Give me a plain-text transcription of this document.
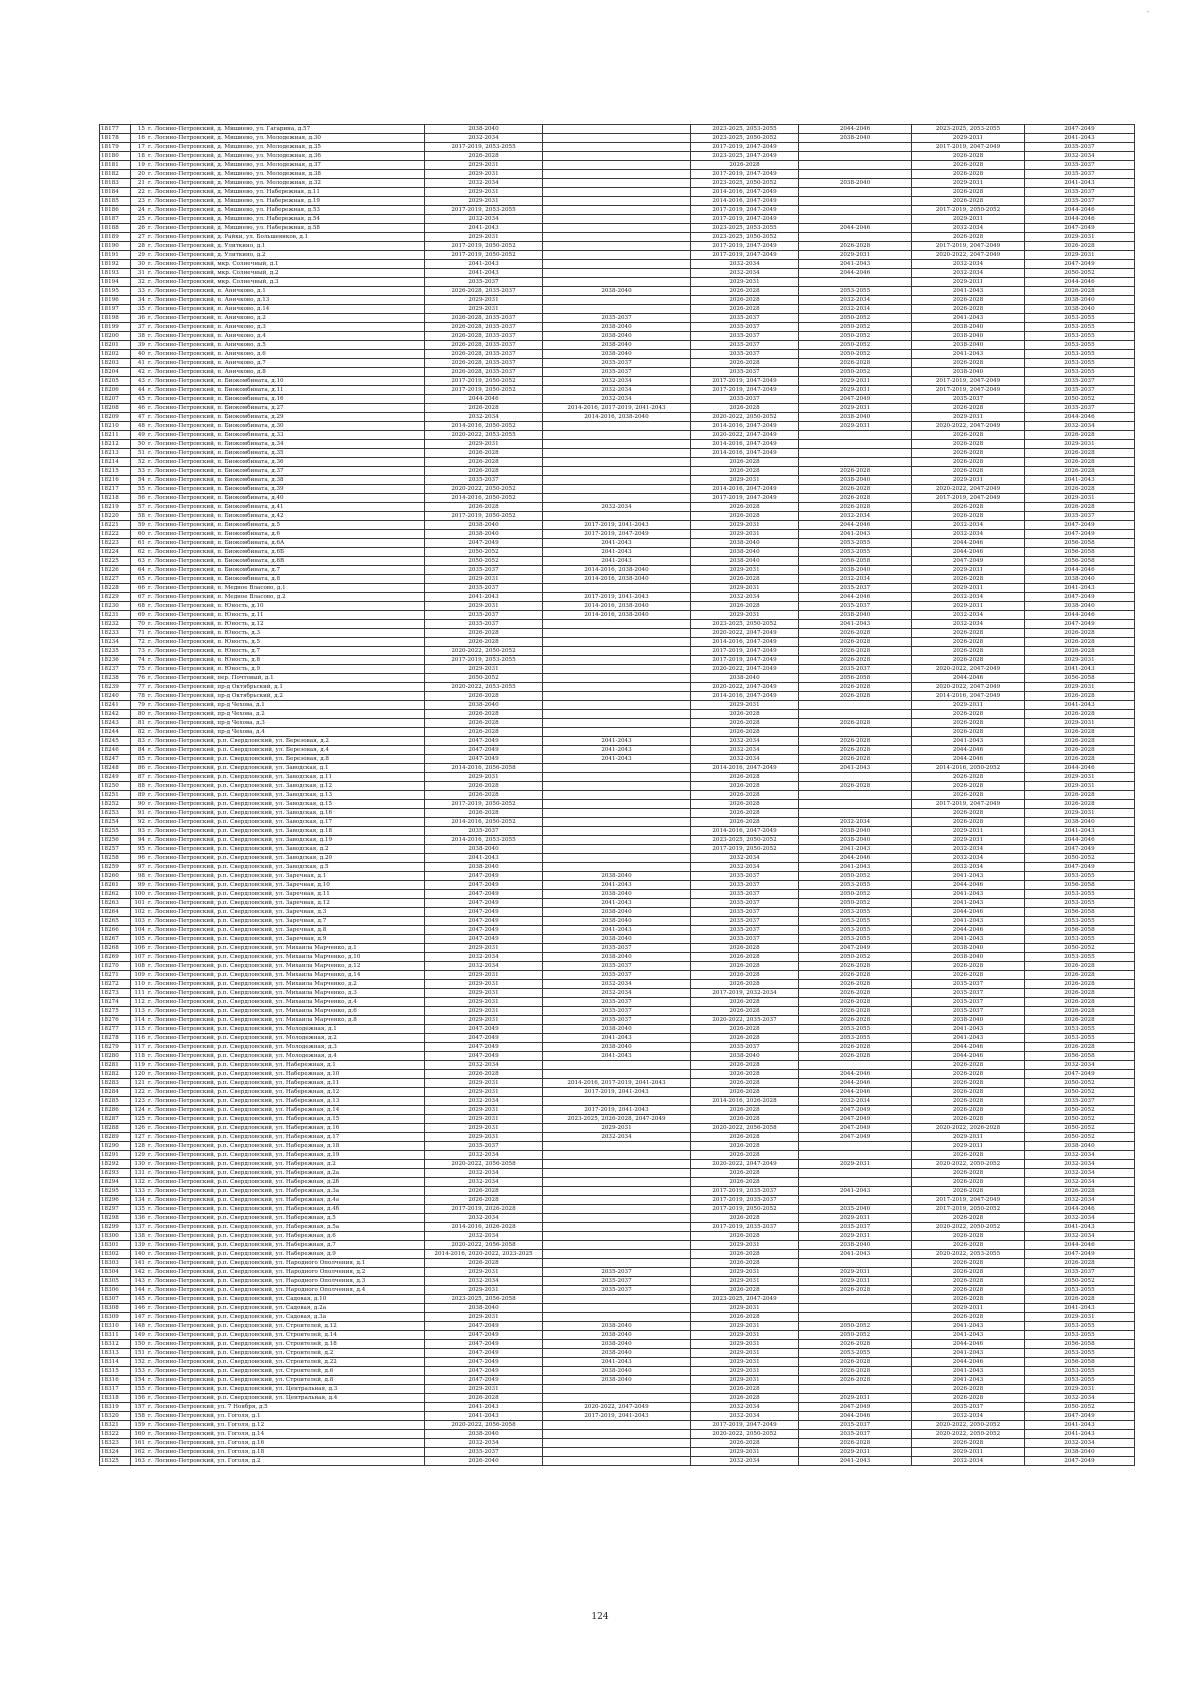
-
18177	15 г. Лосино-Петровский, д. Мишнево, ул. Гагарина, д.57	2038-2040		2023-2025, 2053-2055	2044-2046	2023-2025, 2053-2055	2047-2049
18178	16 г. Лосино-Петровский, д. Мишнево, ул. Молодежная, д.30	2032-2034		2023-2025, 2050-2052	2038-2040	2029-2031	2041-2043
18179	17 г. Лосино-Петровский, д. Мишнево, ул. Молодежная, д.35	2017-2019, 2053-2055		2017-2019, 2047-2049		2017-2019, 2047-2049	2035-2037
18180	18 г. Лосино-Петровский, д. Мишнево, ул. Молодежная, д.36	2026-2028		2023-2025, 2047-2049		2026-2028	2032-2034
18181	19 г. Лосино-Петровский, д. Мишнево, ул. Молодежная, д.37	2029-2031		2026-2028		2026-2028	2035-2037
18182	20 г. Лосино-Петровский, д. Мишнево, ул. Молодежная, д.38	2029-2031		2017-2019, 2047-2049		2026-2028	2035-2037
18183	21 г. Лосино-Петровский, д. Мишнево, ул. Молодежная, д.32	2032-2034		2023-2025, 2050-2052	2038-2040	2029-2031	2041-2043
18184	22 г. Лосино-Петровский, д. Мишнево, ул. Набережная, д.11	2029-2031		2014-2016, 2047-2049		2026-2028	2035-2037
18185	23 г. Лосино-Петровский, д. Мишнево, ул. Набережная, д.19	2029-2031		2014-2016, 2047-2049		2026-2028	2035-2037
18186	24 г. Лосино-Петровский, д. Мишнево, ул. Набережная, д.53	2017-2019, 2053-2055		2017-2019, 2047-2049		2017-2019, 2050-2052	2044-2046
18187	25 г. Лосино-Петровский, д. Мишнево, ул. Набережная, д.54	2032-2034		2017-2019, 2047-2049		2029-2031	2044-2046
18188	26 г. Лосино-Петровский, д. Мишнево, ул. Набережная, д.58	2041-2043		2023-2025, 2053-2055	2044-2046	2032-2034	2047-2049
18189	27 г. Лосино-Петровский, д. Райки, ул. Большевиков, д.1	2029-2031		2023-2025, 2050-2052		2026-2028	2029-2031
18190	28 г. Лосино-Петровский, д. Улиткино, д.1	2017-2019, 2050-2052		2017-2019, 2047-2049	2026-2028	2017-2019, 2047-2049	2026-2028
18191	29 г. Лосино-Петровский, д. Улиткино, д.2	2017-2019, 2050-2052		2017-2019, 2047-2049	2029-2031	2020-2022, 2047-2049	2029-2031
18192	30 г. Лосино-Петровский, мкр. Солнечный, д.1	2041-2043		2032-2034	2041-2043	2032-2034	2047-2049
18193	31 г. Лосино-Петровский, мкр. Солнечный, д.2	2041-2043		2032-2034	2044-2046	2032-2034	2050-2052
18194	32 г. Лосино-Петровский, мкр. Солнечный, д.3	2035-2037		2029-2031		2029-2031	2044-2046
18195	33 г. Лосино-Петровский, п. Аничково, д.1	2026-2028, 2035-2037	2038-2040	2026-2028	2053-2055	2041-2043	2026-2028
18196	34 г. Лосино-Петровский, п. Аничково, д.13	2029-2031		2026-2028	2032-2034	2026-2028	2038-2040
18197	35 г. Лосино-Петровский, п. Аничково, д.14	2029-2031		2026-2028	2032-2034	2026-2028	2038-2040
18198	36 г. Лосино-Петровский, п. Аничково, д.2	2026-2028, 2035-2037	2035-2037	2035-2037	2050-2052	2041-2043	2053-2055
18199	37 г. Лосино-Петровский, п. Аничково, д.3	2026-2028, 2035-2037	2038-2040	2035-2037	2050-2052	2038-2040	2053-2055
18200	38 г. Лосино-Петровский, п. Аничково, д.4	2026-2028, 2035-2037	2038-2040	2035-2037	2050-2052	2038-2040	2053-2055
18201	39 г. Лосино-Петровский, п. Аничково, д.5	2026-2028, 2035-2037	2038-2040	2035-2037	2050-2052	2038-2040	2053-2055
18202	40 г. Лосино-Петровский, п. Аничково, д.6	2026-2028, 2035-2037	2038-2040	2035-2037	2050-2052	2041-2043	2053-2055
18203	41 г. Лосино-Петровский, п. Аничково, д.7	2026-2028, 2035-2037	2035-2037	2026-2028	2026-2028	2026-2028	2053-2055
18204	42 г. Лосино-Петровский, п. Аничково, д.8	2026-2028, 2035-2037	2035-2037	2035-2037	2050-2052	2038-2040	2053-2055
18205	43 г. Лосино-Петровский, п. Биокомбината, д.10	2017-2019, 2050-2052	2032-2034	2017-2019, 2047-2049	2029-2031	2017-2019, 2047-2049	2035-2037
18206	44 г. Лосино-Петровский, п. Биокомбината, д.11	2017-2019, 2050-2052	2032-2034	2017-2019, 2047-2049	2029-2031	2017-2019, 2047-2049	2035-2037
18207	45 г. Лосино-Петровский, п. Биокомбината, д.16	2044-2046	2032-2034	2035-2037	2047-2049	2035-2037	2050-2052
18208	46 г. Лосино-Петровский, п. Биокомбината, д.27	2026-2028	2014-2016, 2017-2019, 2041-2043	2026-2028	2029-2031	2026-2028	2035-2037
18209	47 г. Лосино-Петровский, п. Биокомбината, д.29	2032-2034	2014-2016, 2038-2040	2020-2022, 2050-2052	2038-2040	2029-2031	2044-2046
18210	48 г. Лосино-Петровский, п. Биокомбината, д.30	2014-2016, 2050-2052		2014-2016, 2047-2049	2029-2031	2020-2022, 2047-2049	2032-2034
18211	49 г. Лосино-Петровский, п. Биокомбината, д.33	2020-2022, 2053-2055		2020-2022, 2047-2049		2026-2028	2026-2028
18212	50 г. Лосино-Петровский, п. Биокомбината, д.34	2029-2031		2014-2016, 2047-2049		2026-2028	2029-2031
18213	51 г. Лосино-Петровский, п. Биокомбината, д.35	2026-2028		2014-2016, 2047-2049		2026-2028	2026-2028
18214	52 г. Лосино-Петровский, п. Биокомбината, д.36	2026-2028		2026-2028		2026-2028	2026-2028
18215	53 г. Лосино-Петровский, п. Биокомбината, д.37	2026-2028		2026-2028	2026-2028	2026-2028	2026-2028
18216	54 г. Лосино-Петровский, п. Биокомбината, д.38	2035-2037		2029-2031	2038-2040	2029-2031	2041-2043
18217	55 г. Лосино-Петровский, п. Биокомбината, д.39	2020-2022, 2050-2052		2014-2016, 2047-2049	2026-2028	2020-2022, 2047-2049	2026-2028
18218	56 г. Лосино-Петровский, п. Биокомбината, д.40	2014-2016, 2050-2052		2017-2019, 2047-2049	2026-2028	2017-2019, 2047-2049	2029-2031
18219	57 г. Лосино-Петровский, п. Биокомбината, д.41	2026-2028	2032-2034	2026-2028	2026-2028	2026-2028	2026-2028
18220	58 г. Лосино-Петровский, п. Биокомбината, д.42	2017-2019, 2050-2052		2026-2028	2032-2034	2026-2028	2035-2037
18221	59 г. Лосино-Петровский, п. Биокомбината, д.5	2038-2040	2017-2019, 2041-2043	2029-2031	2044-2046	2032-2034	2047-2049
18222	60 г. Лосино-Петровский, п. Биокомбината, д.6	2038-2040	2017-2019, 2047-2049	2029-2031	2041-2043	2032-2034	2047-2049
18223	61 г. Лосино-Петровский, п. Биокомбината, д.6А	2047-2049	2041-2043	2038-2040	2053-2055	2044-2046	2056-2058
18224	62 г. Лосино-Петровский, п. Биокомбината, д.6Б	2050-2052	2041-2043	2038-2040	2053-2055	2044-2046	2056-2058
18225	63 г. Лосино-Петровский, п. Биокомбината, д.6В	2050-2052	2041-2043	2038-2040	2056-2058	2047-2049	2056-2058
18226	64 г. Лосино-Петровский, п. Биокомбината, д.7	2035-2037	2014-2016, 2038-2040	2029-2031	2038-2040	2029-2031	2044-2046
18227	65 г. Лосино-Петровский, п. Биокомбината, д.8	2029-2031	2014-2016, 2038-2040	2026-2028	2032-2034	2026-2028	2038-2040
18228	66 г. Лосино-Петровский, п. Медное Власово, д.1	2035-2037		2029-2031	2035-2037	2029-2031	2041-2043
18229	67 г. Лосино-Петровский, п. Медное Власово, д.2	2041-2043	2017-2019, 2041-2043	2032-2034	2044-2046	2032-2034	2047-2049
18230	68 г. Лосино-Петровский, п. Юность, д.10	2029-2031	2014-2016, 2038-2040	2026-2028	2035-2037	2029-2031	2038-2040
18231	69 г. Лосино-Петровский, п. Юность, д.11	2035-2037	2014-2016, 2038-2040	2029-2031	2038-2040	2032-2034	2044-2046
18232	70 г. Лосино-Петровский, п. Юность, д.12	2035-2037		2023-2025, 2050-2052	2041-2043	2032-2034	2047-2049
18233	71 г. Лосино-Петровский, п. Юность, д.3	2026-2028		2020-2022, 2047-2049	2026-2028	2026-2028	2026-2028
18234	72 г. Лосино-Петровский, п. Юность, д.5	2026-2028		2014-2016, 2047-2049	2026-2028	2026-2028	2026-2028
18235	73 г. Лосино-Петровский, п. Юность, д.7	2020-2022, 2050-2052		2017-2019, 2047-2049	2026-2028	2026-2028	2026-2028
18236	74 г. Лосино-Петровский, п. Юность, д.8	2017-2019, 2053-2055		2017-2019, 2047-2049	2026-2028	2026-2028	2029-2031
18237	75 г. Лосино-Петровский, п. Юность, д.9	2029-2031		2020-2022, 2047-2049	2035-2037	2020-2022, 2047-2049	2041-2043
18238	76 г. Лосино-Петровский, пер. Почтовый, д.1	2050-2052		2038-2040	2056-2058	2044-2046	2056-2058
18239	77 г. Лосино-Петровский, пр-д Октябрьский, д.1	2020-2022, 2053-2055		2020-2022, 2047-2049	2026-2028	2020-2022, 2047-2049	2029-2031
18240	78 г. Лосино-Петровский, пр-д Октябрьский, д.2	2026-2028		2014-2016, 2047-2049	2026-2028	2014-2016, 2047-2049	2026-2028
18241	79 г. Лосино-Петровский, пр-д Чехова, д.1	2038-2040		2029-2031		2029-2031	2041-2043
18242	80 г. Лосино-Петровский, пр-д Чехова, д.2	2026-2028		2026-2028		2026-2028	2026-2028
18243	81 г. Лосино-Петровский, пр-д Чехова, д.3	2026-2028		2026-2028	2026-2028	2026-2028	2029-2031
18244	82 г. Лосино-Петровский, пр-д Чехова, д.4	2026-2028		2026-2028		2026-2028	2026-2028
18245	83 г. Лосино-Петровский, р.п. Свердловский, ул. Березовая, д.2	2047-2049	2041-2043	2032-2034	2026-2028	2041-2043	2026-2028
18246	84 г. Лосино-Петровский, р.п. Свердловский, ул. Березовая, д.4	2047-2049	2041-2043	2032-2034	2026-2028	2044-2046	2026-2028
18247	85 г. Лосино-Петровский, р.п. Свердловский, ул. Березовая, д.8	2047-2049	2041-2043	2032-2034	2026-2028	2044-2046	2026-2028
18248	86 г. Лосино-Петровский, р.п. Свердловский, ул. Заводская, д.1	2014-2016, 2056-2058		2014-2016, 2047-2049	2041-2043	2014-2016, 2050-2052	2044-2046
18249	87 г. Лосино-Петровский, р.п. Свердловский, ул. Заводская, д.11	2029-2031		2026-2028		2026-2028	2029-2031
18250	88 г. Лосино-Петровский, р.п. Свердловский, ул. Заводская, д.12	2026-2028		2026-2028	2026-2028	2026-2028	2029-2031
18251	89 г. Лосино-Петровский, р.п. Свердловский, ул. Заводская, д.13	2026-2028		2026-2028		2026-2028	2026-2028
18252	90 г. Лосино-Петровский, р.п. Свердловский, ул. Заводская, д.15	2017-2019, 2050-2052		2026-2028		2017-2019, 2047-2049	2026-2028
18253	91 г. Лосино-Петровский, р.п. Свердловский, ул. Заводская, д.16	2026-2028		2026-2028		2026-2028	2029-2031
18254	92 г. Лосино-Петровский, р.п. Свердловский, ул. Заводская, д.17	2014-2016, 2050-2052		2026-2028	2032-2034	2026-2028	2038-2040
18255	93 г. Лосино-Петровский, р.п. Свердловский, ул. Заводская, д.18	2035-2037		2014-2016, 2047-2049	2038-2040	2029-2031	2041-2043
18256	94 г. Лосино-Петровский, р.п. Свердловский, ул. Заводская, д.19	2014-2016, 2053-2055		2023-2025, 2050-2052	2038-2040	2029-2031	2044-2046
18257	95 г. Лосино-Петровский, р.п. Свердловский, ул. Заводская, д.2	2038-2040		2017-2019, 2050-2052	2041-2043	2032-2034	2047-2049
18258	96 г. Лосино-Петровский, р.п. Свердловский, ул. Заводская, д.20	2041-2043		2032-2034	2044-2046	2032-2034	2050-2052
18259	97 г. Лосино-Петровский, р.п. Свердловский, ул. Заводская, д.5	2038-2040		2032-2034	2041-2043	2032-2034	2047-2049
18260	98 г. Лосино-Петровский, р.п. Свердловский, ул. Заречная, д.1	2047-2049	2038-2040	2035-2037	2050-2052	2041-2043	2053-2055
18261	99 г. Лосино-Петровский, р.п. Свердловский, ул. Заречная, д.10	2047-2049	2041-2043	2035-2037	2053-2055	2044-2046	2056-2058
18262	100 г. Лосино-Петровский, р.п. Свердловский, ул. Заречная, д.11	2047-2049	2038-2040	2035-2037	2050-2052	2041-2043	2053-2055
18263	101 г. Лосино-Петровский, р.п. Свердловский, ул. Заречная, д.12	2047-2049	2041-2043	2035-2037	2050-2052	2041-2043	2053-2055
18264	102 г. Лосино-Петровский, р.п. Свердловский, ул. Заречная, д.3	2047-2049	2038-2040	2035-2037	2053-2055	2044-2046	2056-2058
18265	103 г. Лосино-Петровский, р.п. Свердловский, ул. Заречная, д.7	2047-2049	2038-2040	2035-2037	2053-2055	2041-2043	2053-2055
18266	104 г. Лосино-Петровский, р.п. Свердловский, ул. Заречная, д.8	2047-2049	2041-2043	2035-2037	2053-2055	2044-2046	2056-2058
18267	105 г. Лосино-Петровский, р.п. Свердловский, ул. Заречная, д.9	2047-2049	2038-2040	2035-2037	2053-2055	2041-2043	2053-2055
18268	106 г. Лосино-Петровский, р.п. Свердловский, ул. Михаила Марченко, д.1	2029-2031	2035-2037	2026-2028	2047-2049	2038-2040	2050-2052
18269	107 г. Лосино-Петровский, р.п. Свердловский, ул. Михаила Марченко, д.10	2032-2034	2038-2040	2026-2028	2050-2052	2038-2040	2053-2055
18270	108 г. Лосино-Петровский, р.п. Свердловский, ул. Михаила Марченко, д.12	2032-2034	2035-2037	2026-2028	2026-2028	2026-2028	2026-2028
18271	109 г. Лосино-Петровский, р.п. Свердловский, ул. Михаила Марченко, д.14	2029-2031	2035-2037	2026-2028	2026-2028	2026-2028	2026-2028
18272	110 г. Лосино-Петровский, р.п. Свердловский, ул. Михаила Марченко, д.2	2029-2031	2032-2034	2026-2028	2026-2028	2035-2037	2026-2028
18273	111 г. Лосино-Петровский, р.п. Свердловский, ул. Михаила Марченко, д.3	2029-2031	2032-2034	2017-2019, 2032-2034	2026-2028	2035-2037	2026-2028
18274	112 г. Лосино-Петровский, р.п. Свердловский, ул. Михаила Марченко, д.4	2029-2031	2035-2037	2026-2028	2026-2028	2035-2037	2026-2028
18275	113 г. Лосино-Петровский, р.п. Свердловский, ул. Михаила Марченко, д.6	2029-2031	2035-2037	2026-2028	2026-2028	2035-2037	2026-2028
18276	114 г. Лосино-Петровский, р.п. Свердловский, ул. Михаила Марченко, д.8	2029-2031	2035-2037	2020-2022, 2035-2037	2026-2028	2038-2040	2026-2028
18277	115 г. Лосино-Петровский, р.п. Свердловский, ул. Молодежная, д.1	2047-2049	2038-2040	2026-2028	2053-2055	2041-2043	2053-2055
18278	116 г. Лосино-Петровский, р.п. Свердловский, ул. Молодежная, д.2	2047-2049	2041-2043	2026-2028	2053-2055	2041-2043	2053-2055
18279	117 г. Лосино-Петровский, р.п. Свердловский, ул. Молодежная, д.3	2047-2049	2038-2040	2035-2037	2026-2028	2044-2046	2026-2028
18280	118 г. Лосино-Петровский, р.п. Свердловский, ул. Молодежная, д.4	2047-2049	2041-2043	2038-2040	2026-2028	2044-2046	2056-2058
18281	119 г. Лосино-Петровский, р.п. Свердловский, ул. Набережная, д.1	2032-2034		2026-2028		2026-2028	2032-2034
18282	120 г. Лосино-Петровский, р.п. Свердловский, ул. Набережная, д.10	2026-2028		2026-2028	2044-2046	2026-2028	2047-2049
18283	121 г. Лосино-Петровский, р.п. Свердловский, ул. Набережная, д.11	2029-2031	2014-2016, 2017-2019, 2041-2043	2026-2028	2044-2046	2026-2028	2050-2052
18284	122 г. Лосино-Петровский, р.п. Свердловский, ул. Набережная, д.12	2029-2031	2017-2019, 2041-2043	2026-2028	2044-2046	2026-2028	2050-2052
18285	123 г. Лосино-Петровский, р.п. Свердловский, ул. Набережная, д.13	2032-2034		2014-2016, 2026-2028	2032-2034	2026-2028	2035-2037
18286	124 г. Лосино-Петровский, р.п. Свердловский, ул. Набережная, д.14	2029-2031	2017-2019, 2041-2043	2026-2028	2047-2049	2026-2028	2050-2052
18287	125 г. Лосино-Петровский, р.п. Свердловский, ул. Набережная, д.15	2029-2031	2023-2025, 2026-2028, 2047-2049	2026-2028	2047-2049	2026-2028	2050-2052
18288	126 г. Лосино-Петровский, р.п. Свердловский, ул. Набережная, д.16	2029-2031	2029-2031	2020-2022, 2056-2058	2047-2049	2020-2022, 2026-2028	2050-2052
18289	127 г. Лосино-Петровский, р.п. Свердловский, ул. Набережная, д.17	2029-2031	2032-2034	2026-2028	2047-2049	2029-2031	2050-2052
18290	128 г. Лосино-Петровский, р.п. Свердловский, ул. Набережная, д.18	2035-2037		2026-2028		2029-2031	2038-2040
18291	129 г. Лосино-Петровский, р.п. Свердловский, ул. Набережная, д.19	2032-2034		2026-2028		2026-2028	2032-2034
18292	130 г. Лосино-Петровский, р.п. Свердловский, ул. Набережная, д.2	2020-2022, 2056-2058		2020-2022, 2047-2049	2029-2031	2020-2022, 2050-2052	2032-2034
18293	131 г. Лосино-Петровский, р.п. Свердловский, ул. Набережная, д.2а	2032-2034		2026-2028		2026-2028	2032-2034
18294	132 г. Лосино-Петровский, р.п. Свердловский, ул. Набережная, д.2б	2032-2034		2026-2028		2026-2028	2032-2034
18295	133 г. Лосино-Петровский, р.п. Свердловский, ул. Набережная, д.3а	2026-2028		2017-2019, 2035-2037	2041-2043	2026-2028	2026-2028
18296	134 г. Лосино-Петровский, р.п. Свердловский, ул. Набережная, д.4а	2026-2028		2017-2019, 2035-2037		2017-2019, 2047-2049	2032-2034
18297	135 г. Лосино-Петровский, р.п. Свердловский, ул. Набережная, д.4б	2017-2019, 2026-2028		2017-2019, 2050-2052	2035-2040	2017-2019, 2050-2052	2044-2046
18298	136 г. Лосино-Петровский, р.п. Свердловский, ул. Набережная, д.5	2032-2034		2026-2028	2029-2031	2026-2028	2032-2034
18299	137 г. Лосино-Петровский, р.п. Свердловский, ул. Набережная, д.5а	2014-2016, 2026-2028		2017-2019, 2035-2037	2035-2037	2020-2022, 2050-2052	2041-2043
18300	138 г. Лосино-Петровский, р.п. Свердловский, ул. Набережная, д.6	2032-2034		2026-2028	2029-2031	2026-2028	2032-2034
18301	139 г. Лосино-Петровский, р.п. Свердловский, ул. Набережная, д.7	2020-2022, 2056-2058		2029-2031	2038-2040	2026-2028	2044-2046
18302	140 г. Лосино-Петровский, р.п. Свердловский, ул. Набережная, д.9	2014-2016, 2020-2022, 2023-2025		2026-2028	2041-2043	2020-2022, 2053-2055	2047-2049
18303	141 г. Лосино-Петровский, р.п. Свердловский, ул. Народного Ополчения, д.1	2026-2028		2026-2028		2026-2028	2026-2028
18304	142 г. Лосино-Петровский, р.п. Свердловский, ул. Народного Ополчения, д.2	2029-2031	2035-2037	2029-2031	2029-2031	2026-2028	2035-2037
18305	143 г. Лосино-Петровский, р.п. Свердловский, ул. Народного Ополчения, д.3	2032-2034	2035-2037	2029-2031	2029-2031	2026-2028	2050-2052
18306	144 г. Лосино-Петровский, р.п. Свердловский, ул. Народного Ополчения, д.4	2029-2031	2035-2037	2026-2028	2026-2028	2026-2028	2053-2055
18307	145 г. Лосино-Петровский, р.п. Свердловский, ул. Садовая, д.10	2023-2025, 2056-2058		2023-2025, 2047-2049		2026-2028	2026-2028
18308	146 г. Лосино-Петровский, р.п. Свердловский, ул. Садовая, д.2а	2038-2040		2029-2031		2029-2031	2041-2043
18309	147 г. Лосино-Петровский, р.п. Свердловский, ул. Садовая, д.3а	2029-2031		2026-2028		2026-2028	2029-2031
18310	148 г. Лосино-Петровский, р.п. Свердловский, ул. Строителей, д.12	2047-2049	2038-2040	2029-2031	2050-2052	2041-2043	2053-2055
18311	149 г. Лосино-Петровский, р.п. Свердловский, ул. Строителей, д.14	2047-2049	2038-2040	2029-2031	2050-2052	2041-2043	2053-2055
18312	150 г. Лосино-Петровский, р.п. Свердловский, ул. Строителей, д.18	2047-2049	2038-2040	2029-2031	2026-2028	2044-2046	2056-2058
18313	151 г. Лосино-Петровский, р.п. Свердловский, ул. Строителей, д.2	2047-2049	2038-2040	2029-2031	2053-2055	2041-2043	2053-2055
18314	152 г. Лосино-Петровский, р.п. Свердловский, ул. Строителей, д.22	2047-2049	2041-2043	2029-2031	2026-2028	2044-2046	2056-2058
18315	153 г. Лосино-Петровский, р.п. Свердловский, ул. Строителей, д.6	2047-2049	2038-2040	2029-2031	2026-2028	2041-2043	2053-2055
18316	154 г. Лосино-Петровский, р.п. Свердловский, ул. Строителей, д.8	2047-2049	2038-2040	2029-2031	2026-2028	2041-2043	2053-2055
18317	155 г. Лосино-Петровский, р.п. Свердловский, ул. Центральная, д.3	2029-2031		2026-2028		2026-2028	2029-2031
18318	156 г. Лосино-Петровский, р.п. Свердловский, ул. Центральная, д.4	2026-2028		2026-2028	2029-2031	2026-2028	2032-2034
18319	157 г. Лосино-Петровский, ул. 7 Ноября, д.5	2041-2043	2020-2022, 2047-2049	2032-2034	2047-2049	2035-2037	2050-2052
18320	158 г. Лосино-Петровский, ул. Гоголя, д.1	2041-2043	2017-2019, 2041-2043	2032-2034	2044-2046	2032-2034	2047-2049
18321	159 г. Лосино-Петровский, ул. Гоголя, д.12	2020-2022, 2056-2058		2017-2019, 2047-2049	2035-2037	2020-2022, 2050-2052	2041-2043
18322	160 г. Лосино-Петровский, ул. Гоголя, д.14	2038-2040		2020-2022, 2050-2052	2035-2037	2020-2022, 2050-2052	2041-2043
18323	161 г. Лосино-Петровский, ул. Гоголя, д.16	2032-2034		2026-2028	2026-2028	2026-2028	2032-2034
18324	162 г. Лосино-Петровский, ул. Гоголя, д.18	2035-2037		2029-2031	2029-2031	2029-2031	2038-2040
18325	163 г. Лосино-Петровский, ул. Гоголя, д.2	2026-2040		2032-2034	2041-2043	2032-2034	2047-2049
124
